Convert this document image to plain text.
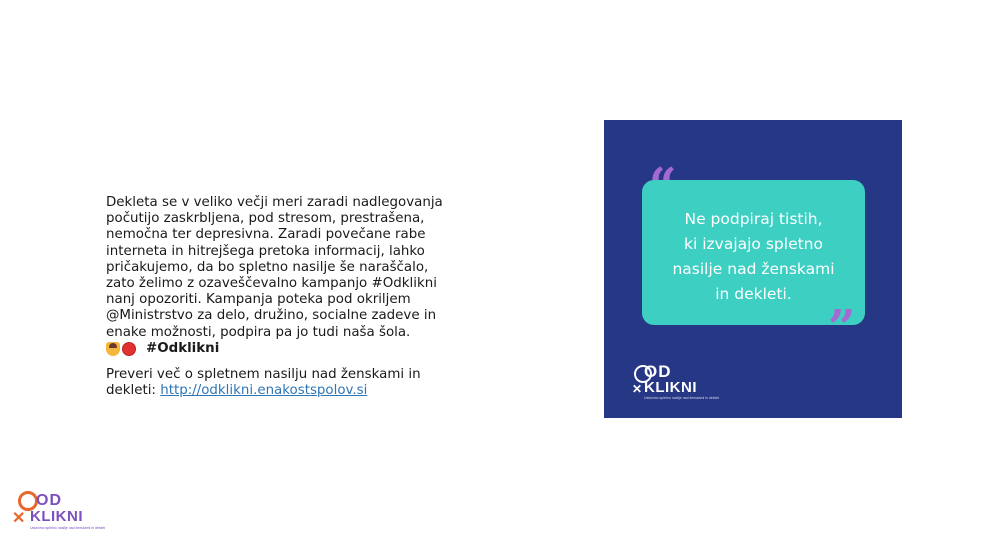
Dekleta se v veliko večji meri zaradi nadlegovanja

počutijo zaskrbljena, pod stresom, prestrašena,

nemočna ter depresivna. Zaradi povečane rabe

interneta in hitrejšega pretoka informacij, lahko

pričakujemo, da bo spletno nasilje še naraščalo,

zato želimo z ozaveščevalno kampanjo #Odklikni

nanj opozoriti. Kampanja poteka pod okriljem

@Ministrstvo za delo, družino, socialne zadeve in

enake možnosti, podpira pa jo tudi naša šola.

#Odklikni

Preveri več o spletnem nasilju nad ženskami in

dekleti: http://odklikni.enakostspolov.si

Ne podpiraj tistih,
ki izvajajo spletno
nasilje nad ženskami
in dekleti.
“
”
✕
OD
KLIKNI
Ustavimo spletno nasilje nad ženskami in dekleti
✕
OD
KLIKNI
Ustavimo spletno nasilje nad ženskami in dekleti
